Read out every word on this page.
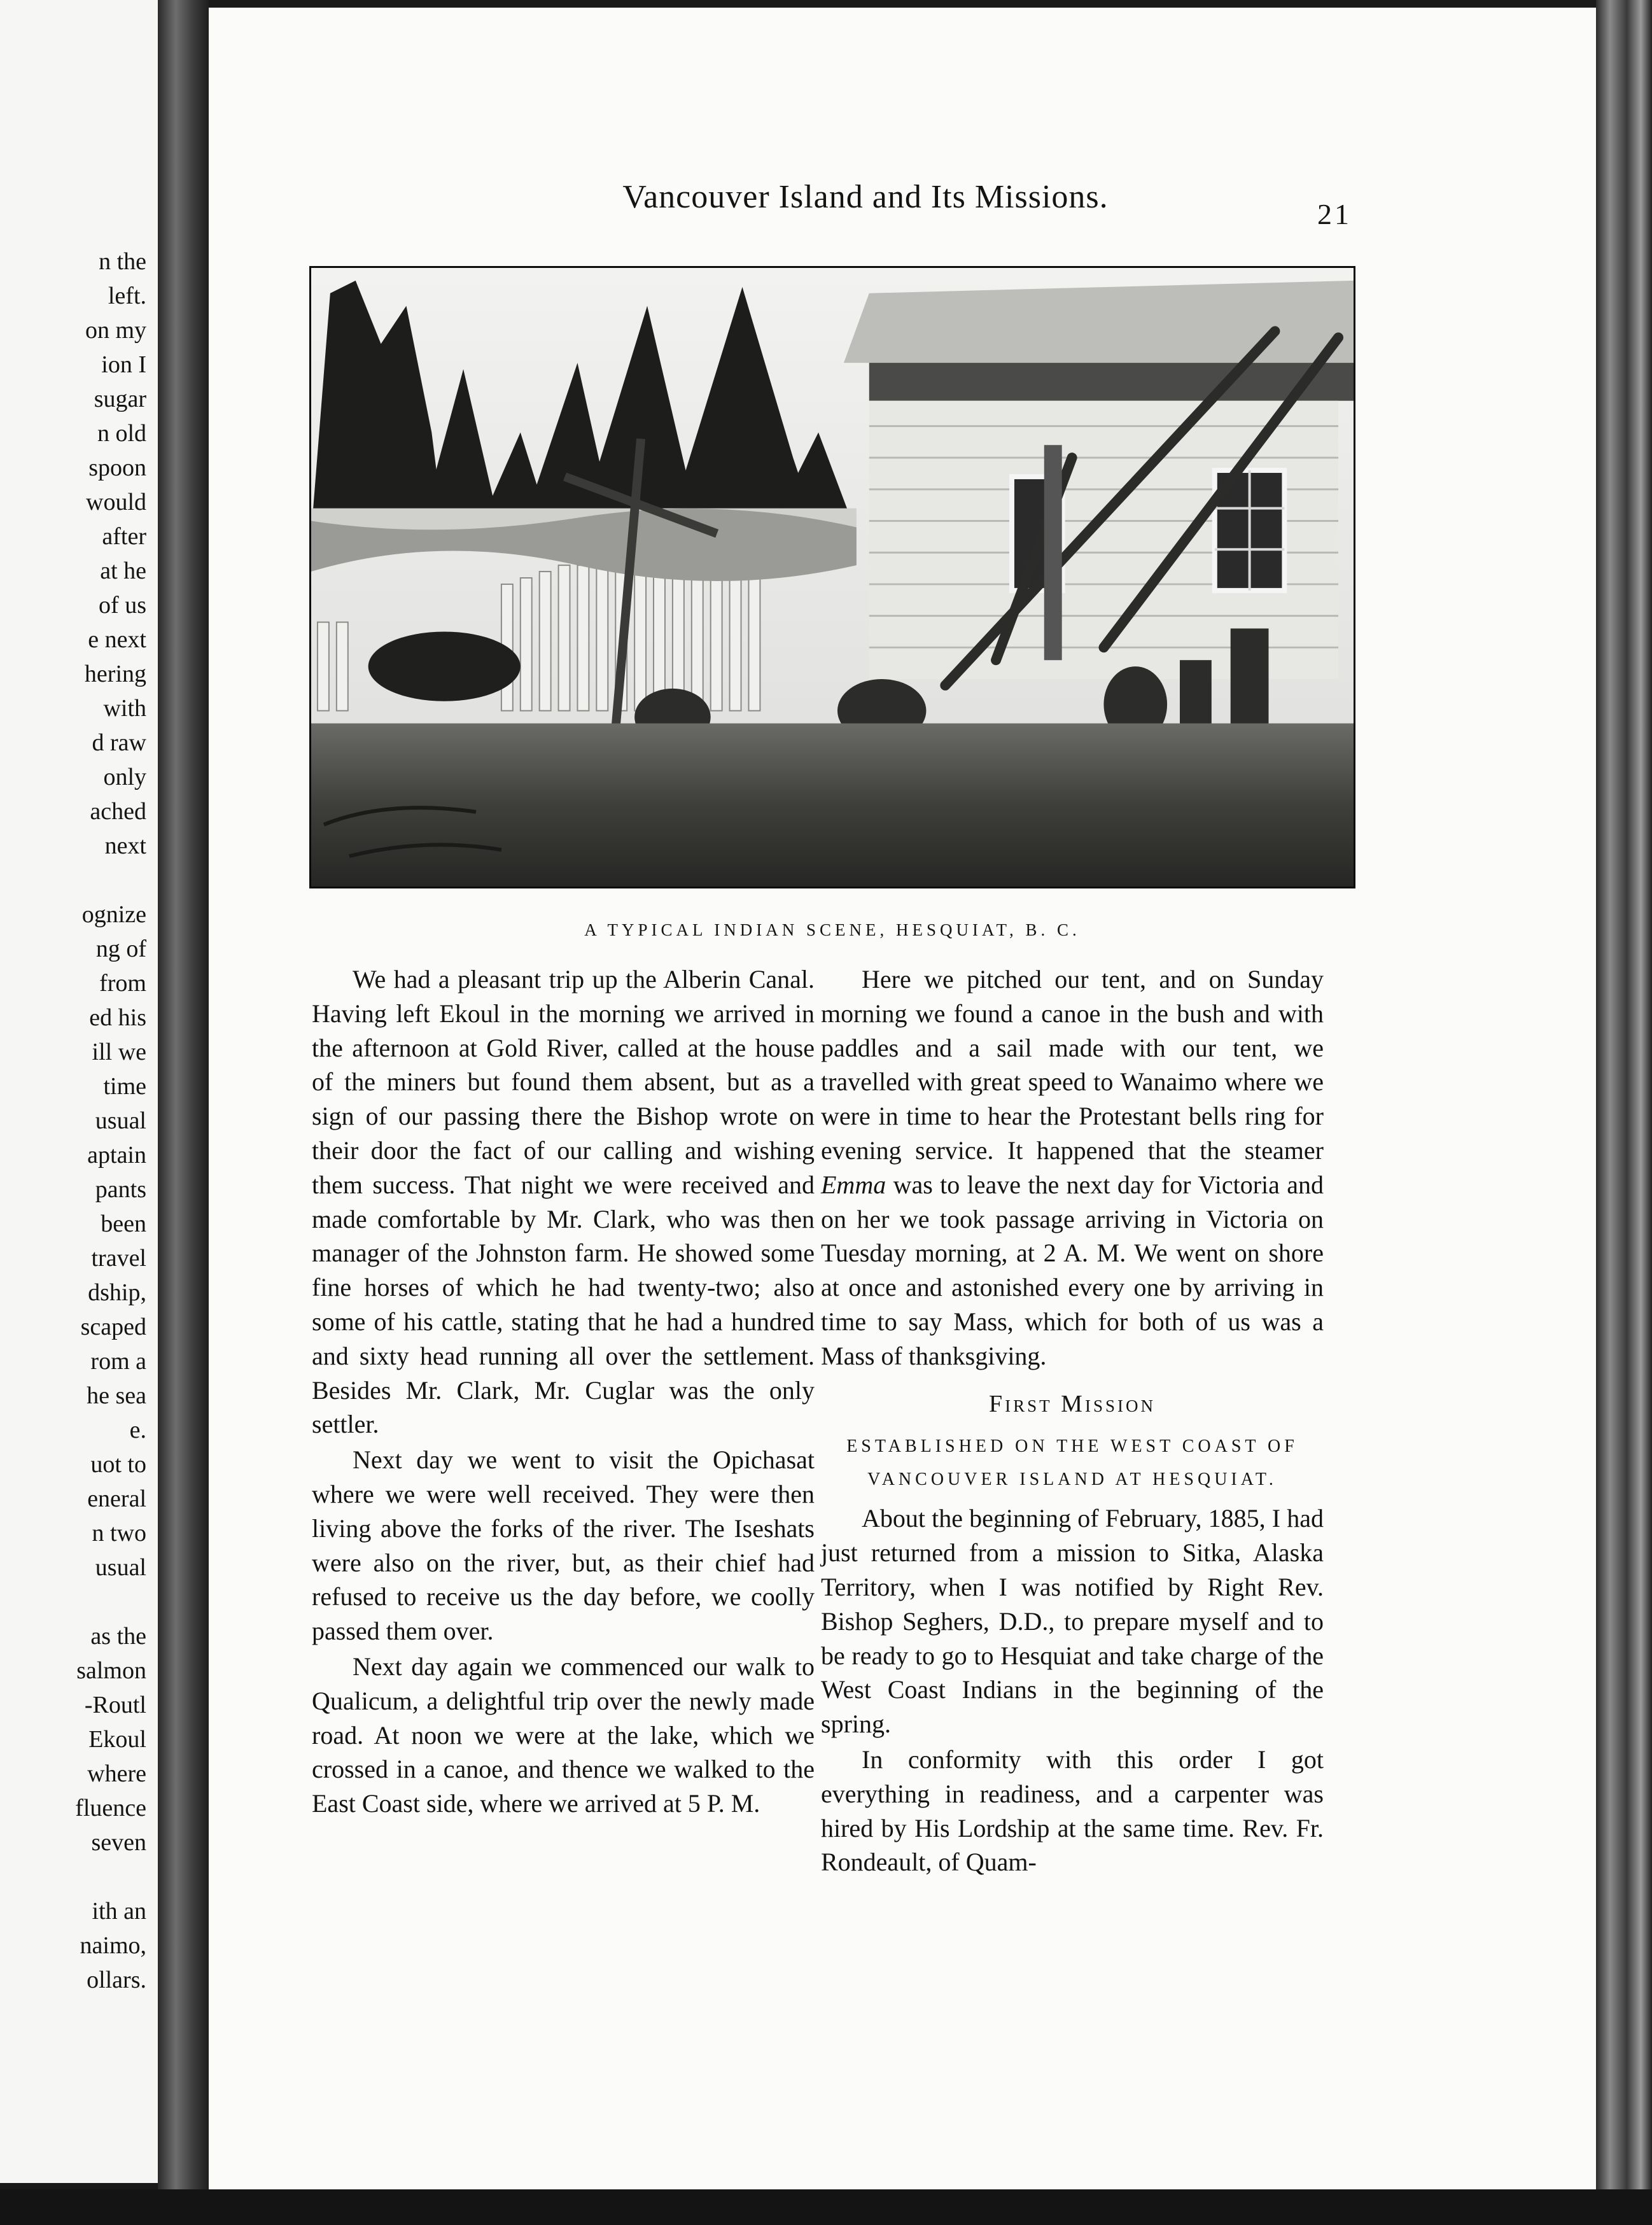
n the
left.
on my
ion I
sugar
n old
spoon
would
after
at he
of us
e next
hering
with
d raw
only
ached
next
ognize
ng of
from
ed his
ill we
time
usual
aptain
pants
been
travel
dship,
scaped
rom a
he sea
e.
uot to
eneral
n two
usual
as the
salmon
-Routl
Ekoul
where
fluence
seven
ith an
naimo,
ollars.
Vancouver Island and Its Missions.	21
A TYPICAL INDIAN SCENE, HESQUIAT, B. C.

We had a pleasant trip up the Alberin Canal. Having left Ekoul in the morning we arrived in the afternoon at Gold River, called at the house of the miners but found them absent, but as a sign of our passing there the Bishop wrote on their door the fact of our calling and wishing them success. That night we were received and made comfortable by Mr. Clark, who was then manager of the Johnston farm. He showed some fine horses of which he had twenty-two; also some of his cattle, stating that he had a hundred and sixty head running all over the settlement. Besides Mr. Clark, Mr. Cuglar was the only settler.

Next day we went to visit the Opichasat where we were well received. They were then living above the forks of the river. The Iseshats were also on the river, but, as their chief had refused to receive us the day before, we coolly passed them over.

Next day again we commenced our walk to Qualicum, a delightful trip over the newly made road. At noon we were at the lake, which we crossed in a canoe, and thence we walked to the East Coast side, where we arrived at 5 P. M.

Here we pitched our tent, and on Sunday morning we found a canoe in the bush and with paddles and a sail made with our tent, we travelled with great speed to Wanaimo where we were in time to hear the Protestant bells ring for evening service. It happened that the steamer Emma was to leave the next day for Victoria and on her we took passage arriving in Victoria on Tuesday morning, at 2 A. M. We went on shore at once and astonished every one by arriving in time to say Mass, which for both of us was a Mass of thanksgiving.

First Mission
ESTABLISHED ON THE WEST COAST OF VANCOUVER ISLAND AT HESQUIAT.

About the beginning of February, 1885, I had just returned from a mission to Sitka, Alaska Territory, when I was notified by Right Rev. Bishop Seghers, D.D., to prepare myself and to be ready to go to Hesquiat and take charge of the West Coast Indians in the beginning of the spring.

In conformity with this order I got everything in readiness, and a carpenter was hired by His Lordship at the same time. Rev. Fr. Rondeault, of Quam-
